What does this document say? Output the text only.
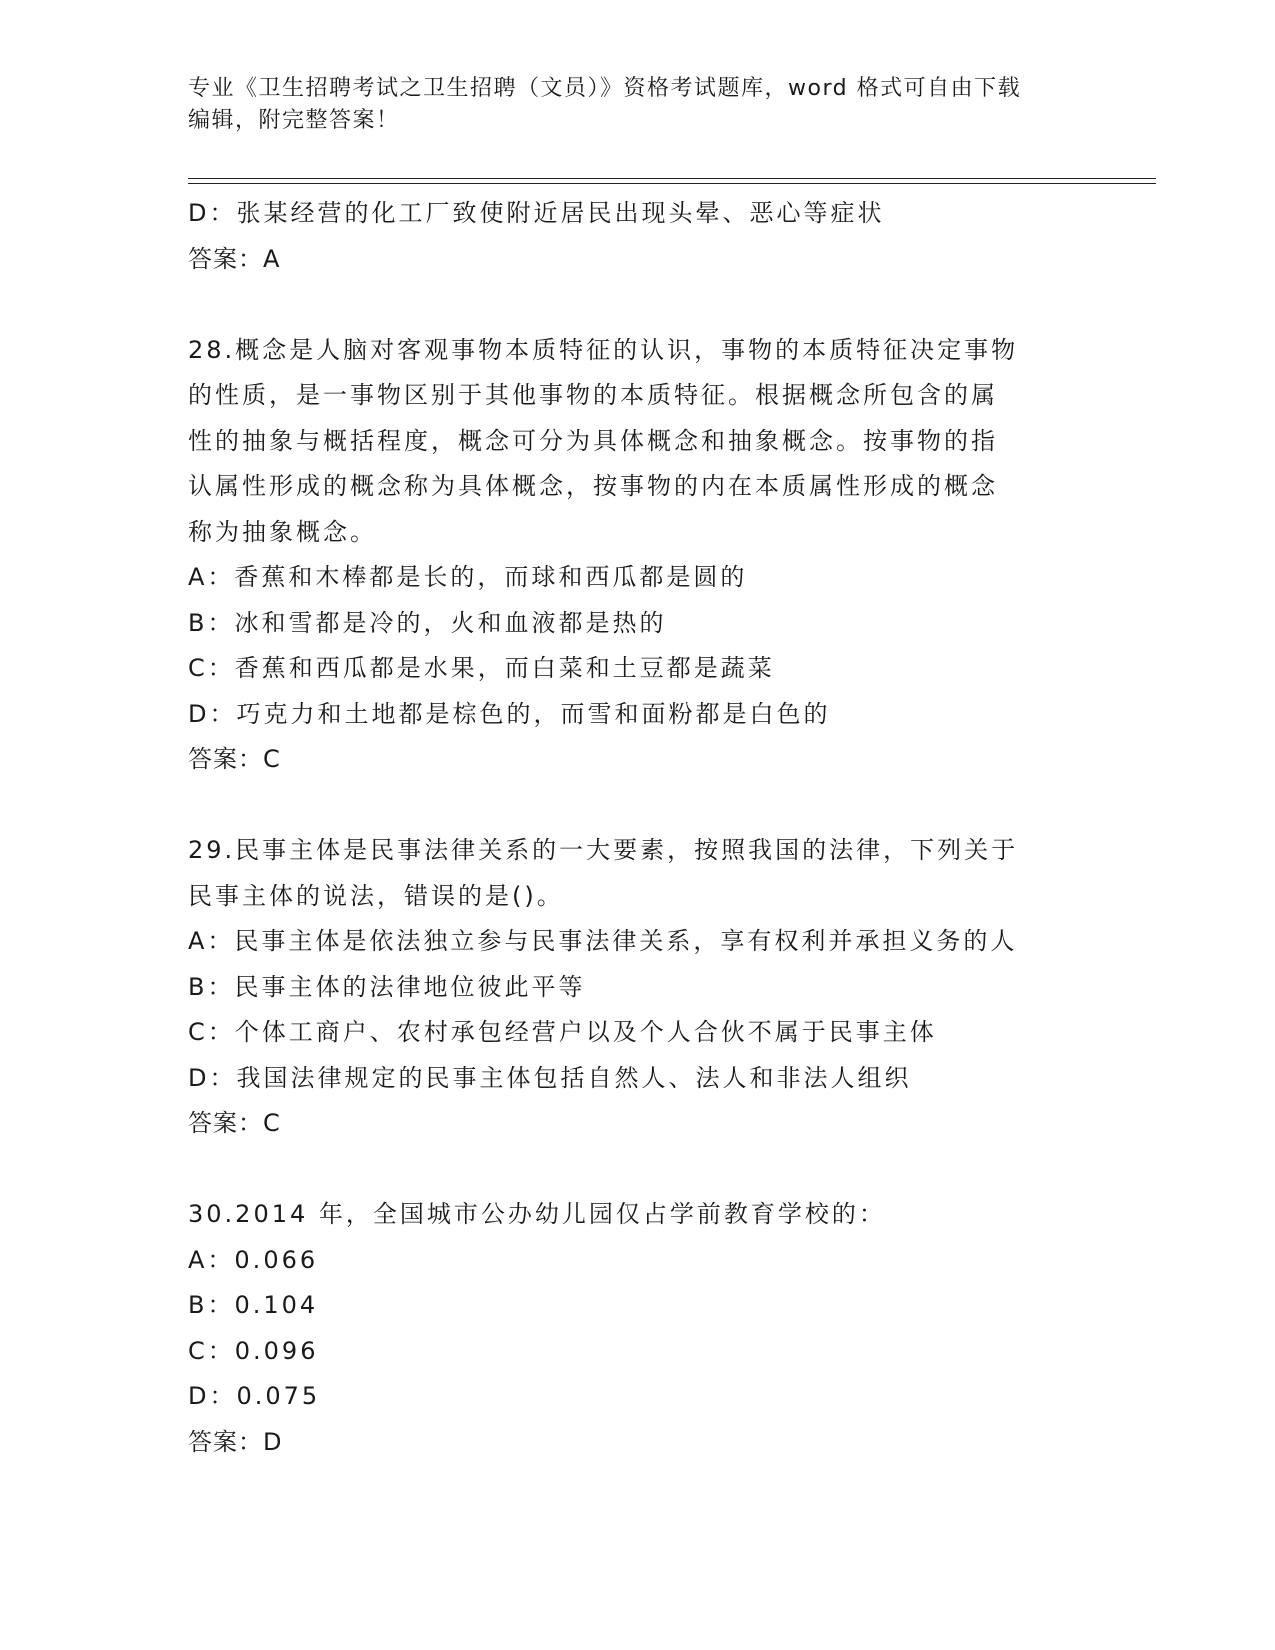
专业《卫生招聘考试之卫生招聘（文员）》资格考试题库，word 格式可自由下载
编辑，附完整答案！
D：张某经营的化工厂致使附近居民出现头晕、恶心等症状
答案：A
28.概念是人脑对客观事物本质特征的认识，事物的本质特征决定事物
的性质，是一事物区别于其他事物的本质特征。根据概念所包含的属
性的抽象与概括程度，概念可分为具体概念和抽象概念。按事物的指
认属性形成的概念称为具体概念，按事物的内在本质属性形成的概念
称为抽象概念。
A：香蕉和木棒都是长的，而球和西瓜都是圆的
B：冰和雪都是冷的，火和血液都是热的
C：香蕉和西瓜都是水果，而白菜和土豆都是蔬菜
D：巧克力和土地都是棕色的，而雪和面粉都是白色的
答案：C
29.民事主体是民事法律关系的一大要素，按照我国的法律，下列关于
民事主体的说法，错误的是()。
A：民事主体是依法独立参与民事法律关系，享有权利并承担义务的人
B：民事主体的法律地位彼此平等
C：个体工商户、农村承包经营户以及个人合伙不属于民事主体
D：我国法律规定的民事主体包括自然人、法人和非法人组织
答案：C
30.2014 年，全国城市公办幼儿园仅占学前教育学校的：
A：0.066
B：0.104
C：0.096
D：0.075
答案：D
